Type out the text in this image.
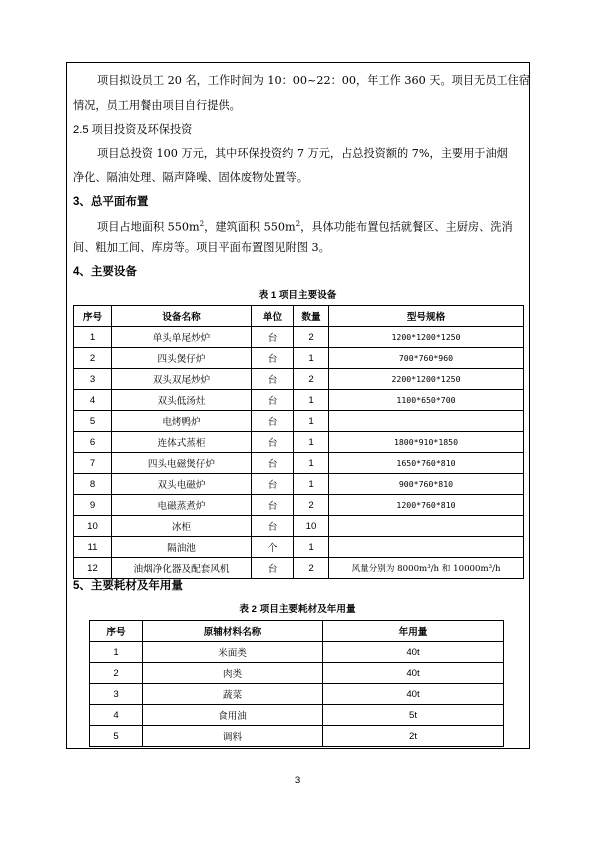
项目拟设员工 20 名，工作时间为 10：00~22：00，年工作 360 天。项目无员工住宿
情况，员工用餐由项目自行提供。
2.5 项目投资及环保投资
项目总投资 100 万元，其中环保投资约 7 万元，占总投资额的 7%，主要用于油烟
净化、隔油处理、隔声降噪、固体废物处置等。
3、总平面布置
项目占地面积 $550m^2$，建筑面积 $550m^2$，具体功能布置包括就餐区、主厨房、洗消
间、粗加工间、库房等。项目平面布置图见附图 3。
4、主要设备
表 1 项目主要设备
序号	设备名称	单位	数量	型号规格
1	单头单尾炒炉	台	2	1200*1200*1250
2	四头煲仔炉	台	1	700*760*960
3	双头双尾炒炉	台	2	2200*1200*1250
4	双头低汤灶	台	1	1100*650*700
5	电烤鸭炉	台	1	
6	连体式蒸柜	台	1	1800*910*1850
7	四头电磁煲仔炉	台	1	1650*760*810
8	双头电磁炉	台	1	900*760*810
9	电磁蒸煮炉	台	2	1200*760*810
10	冰柜	台	10	
11	隔油池	个	1	
12	油烟净化器及配套风机	台	2	风量分别为 8000m³/h 和 10000m³/h
5、主要耗材及年用量
表 2 项目主要耗材及年用量
序号	原辅材料名称	年用量
1	米面类	40t
2	肉类	40t
3	蔬菜	40t
4	食用油	5t
5	调料	2t
3
